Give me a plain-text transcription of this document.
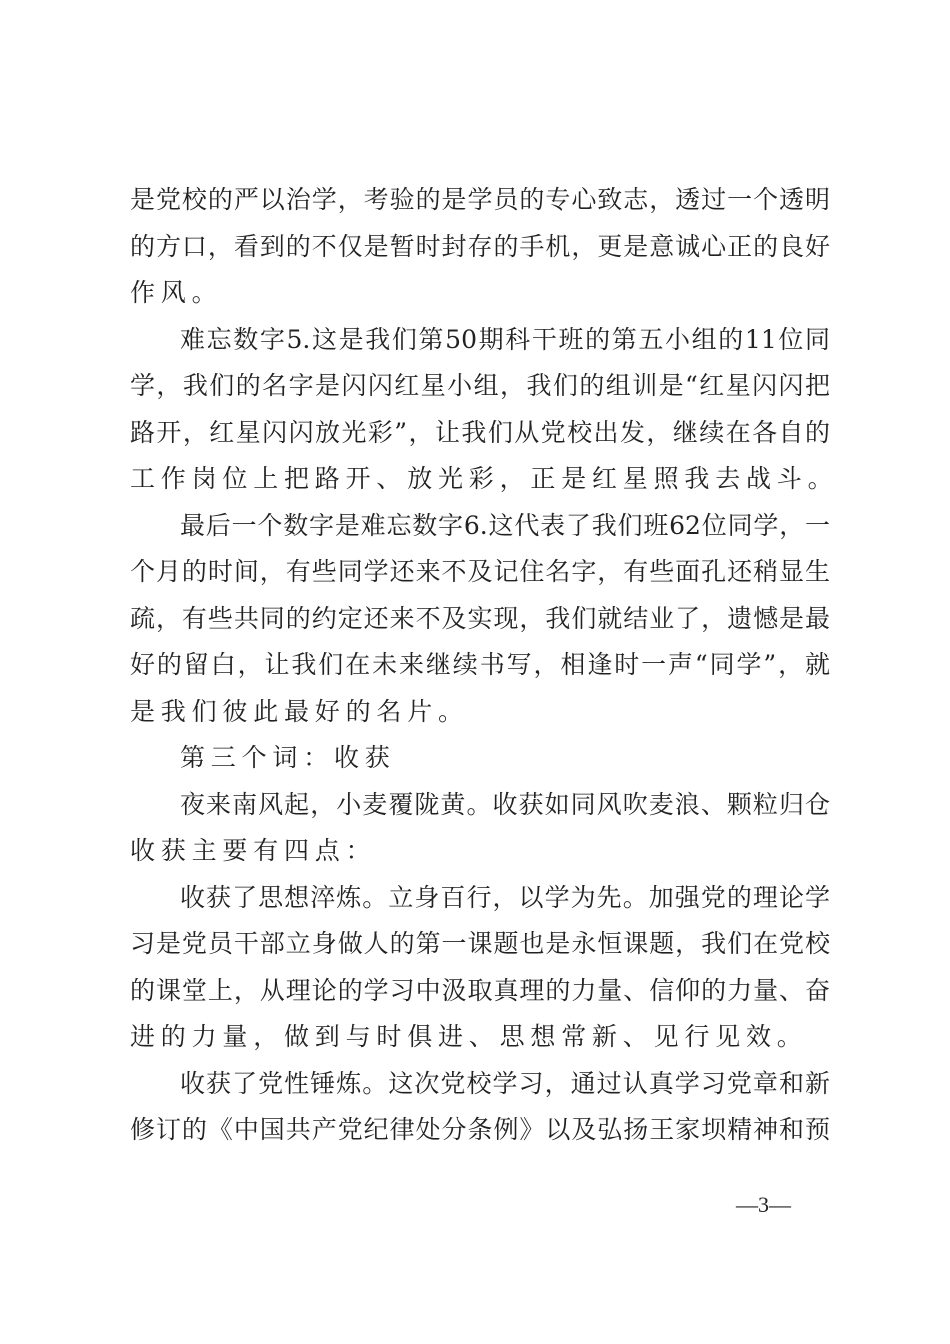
是党校的严以治学，考验的是学员的专心致志，透过一个透明
的方口，看到的不仅是暂时封存的手机，更是意诚心正的良好
作风。
难忘数字5.这是我们第50期科干班的第五小组的11位同
学，我们的名字是闪闪红星小组，我们的组训是“红星闪闪把
路开，红星闪闪放光彩”，让我们从党校出发，继续在各自的
工作岗位上把路开、放光彩，正是红星照我去战斗。
最后一个数字是难忘数字6.这代表了我们班62位同学，一
个月的时间，有些同学还来不及记住名字，有些面孔还稍显生
疏，有些共同的约定还来不及实现，我们就结业了，遗憾是最
好的留白，让我们在未来继续书写，相逢时一声“同学”，就
是我们彼此最好的名片。
第三个词：收获
夜来南风起，小麦覆陇黄。收获如同风吹麦浪、颗粒归仓
收获主要有四点：
收获了思想淬炼。立身百行，以学为先。加强党的理论学
习是党员干部立身做人的第一课题也是永恒课题，我们在党校
的课堂上，从理论的学习中汲取真理的力量、信仰的力量、奋
进的力量，做到与时俱进、思想常新、见行见效。
收获了党性锤炼。这次党校学习，通过认真学习党章和新
修订的《中国共产党纪律处分条例》以及弘扬王家坝精神和预
—3—
